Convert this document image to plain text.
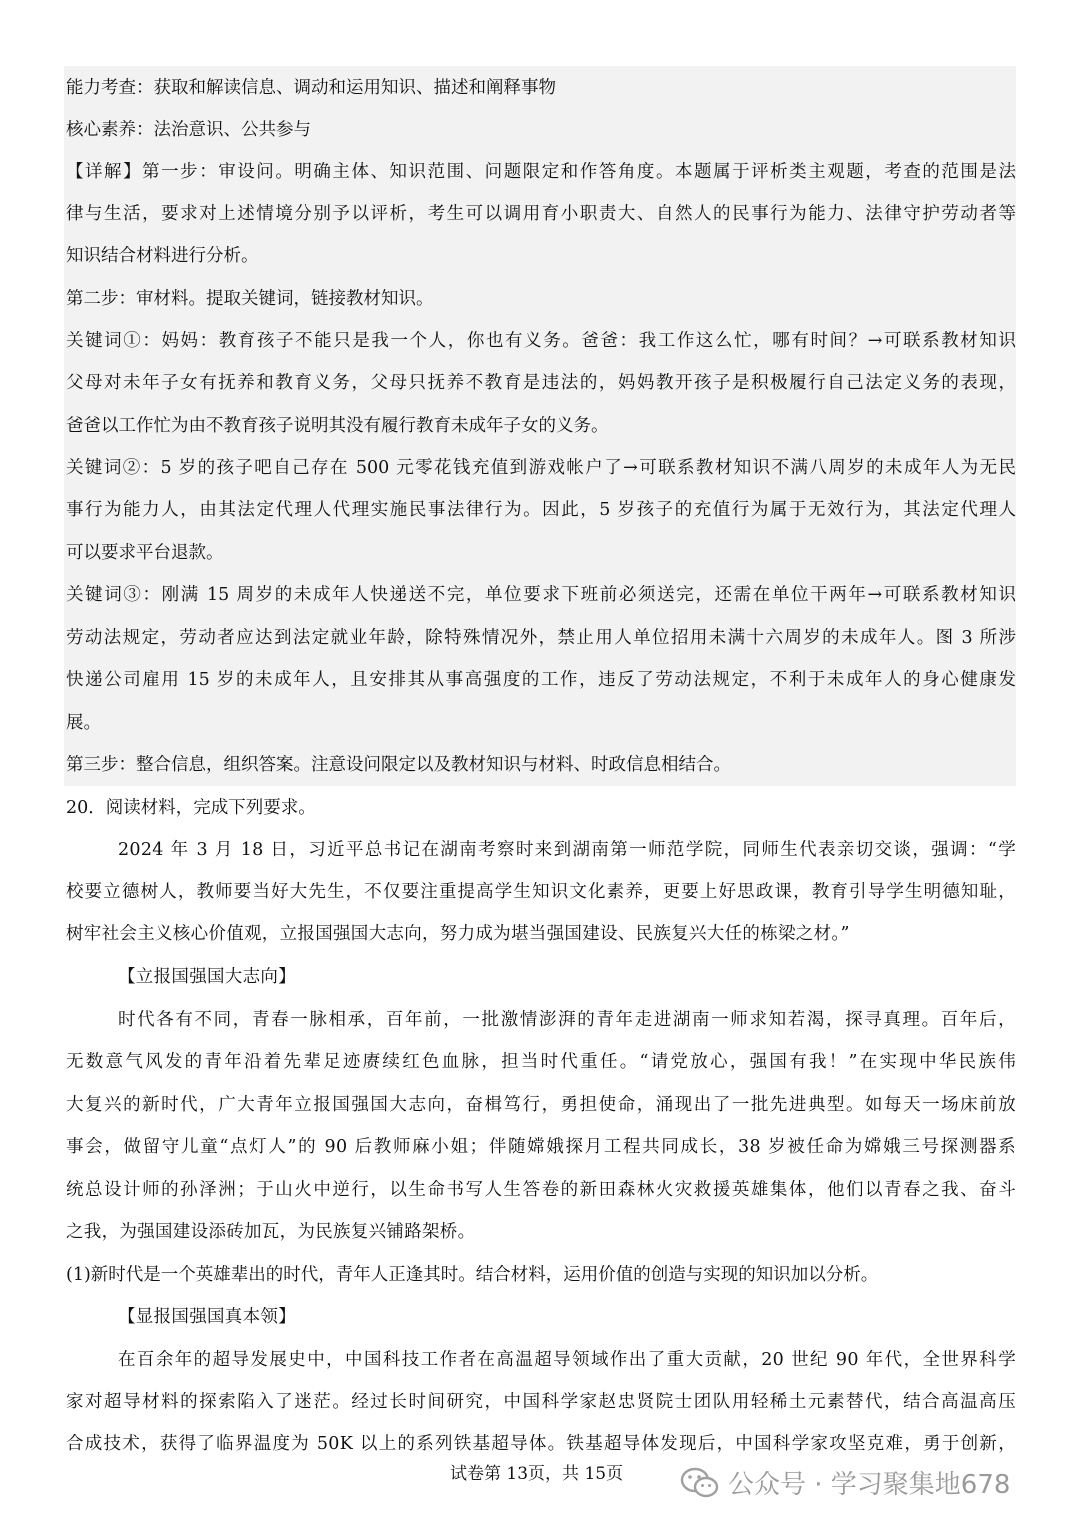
能力考查：获取和解读信息、调动和运用知识、描述和阐释事物
核心素养：法治意识、公共参与
【详解】第一步：审设问。明确主体、知识范围、问题限定和作答角度。本题属于评析类主观题，考查的范围是法
律与生活，要求对上述情境分别予以评析，考生可以调用育小职责大、自然人的民事行为能力、法律守护劳动者等
知识结合材料进行分析。
第二步：审材料。提取关键词，链接教材知识。
关键词①：妈妈：教育孩子不能只是我一个人，你也有义务。爸爸：我工作这么忙，哪有时间？→可联系教材知识
父母对未年子女有抚养和教育义务，父母只抚养不教育是违法的，妈妈教开孩子是积极履行自己法定义务的表现，
爸爸以工作忙为由不教育孩子说明其没有履行教育未成年子女的义务。
关键词②：5 岁的孩子吧自己存在 500 元零花钱充值到游戏帐户了→可联系教材知识不满八周岁的未成年人为无民
事行为能力人，由其法定代理人代理实施民事法律行为。因此，5 岁孩子的充值行为属于无效行为，其法定代理人
可以要求平台退款。
关键词③：刚满 15 周岁的未成年人快递送不完，单位要求下班前必须送完，还需在单位干两年→可联系教材知识
劳动法规定，劳动者应达到法定就业年龄，除特殊情况外，禁止用人单位招用未满十六周岁的未成年人。图 3 所涉
快递公司雇用 15 岁的未成年人，且安排其从事高强度的工作，违反了劳动法规定，不利于未成年人的身心健康发
展。
第三步：整合信息，组织答案。注意设问限定以及教材知识与材料、时政信息相结合。
20．阅读材料，完成下列要求。
2024 年 3 月 18 日，习近平总书记在湖南考察时来到湖南第一师范学院，同师生代表亲切交谈，强调：“学
校要立德树人，教师要当好大先生，不仅要注重提高学生知识文化素养，更要上好思政课，教育引导学生明德知耻，
树牢社会主义核心价值观，立报国强国大志向，努力成为堪当强国建设、民族复兴大任的栋梁之材。”
【立报国强国大志向】
时代各有不同，青春一脉相承，百年前，一批激情澎湃的青年走进湖南一师求知若渴，探寻真理。百年后，
无数意气风发的青年沿着先辈足迹赓续红色血脉，担当时代重任。“请党放心，强国有我！”在实现中华民族伟
大复兴的新时代，广大青年立报国强国大志向，奋楫笃行，勇担使命，涌现出了一批先进典型。如每天一场床前放
事会，做留守儿童“点灯人”的 90 后教师麻小姐；伴随嫦娥探月工程共同成长，38 岁被任命为嫦娥三号探测器系
统总设计师的孙泽洲；于山火中逆行，以生命书写人生答卷的新田森林火灾救援英雄集体，他们以青春之我、奋斗
之我，为强国建设添砖加瓦，为民族复兴铺路架桥。
(1)新时代是一个英雄辈出的时代，青年人正逢其时。结合材料，运用价值的创造与实现的知识加以分析。
【显报国强国真本领】
在百余年的超导发展史中，中国科技工作者在高温超导领域作出了重大贡献，20 世纪 90 年代，全世界科学
家对超导材料的探索陷入了迷茫。经过长时间研究，中国科学家赵忠贤院士团队用轻稀土元素替代，结合高温高压
合成技术，获得了临界温度为 50K 以上的系列铁基超导体。铁基超导体发现后，中国科学家攻坚克难，勇于创新，
试卷第 13页，共 15页	公众号 · 学习聚集地678
